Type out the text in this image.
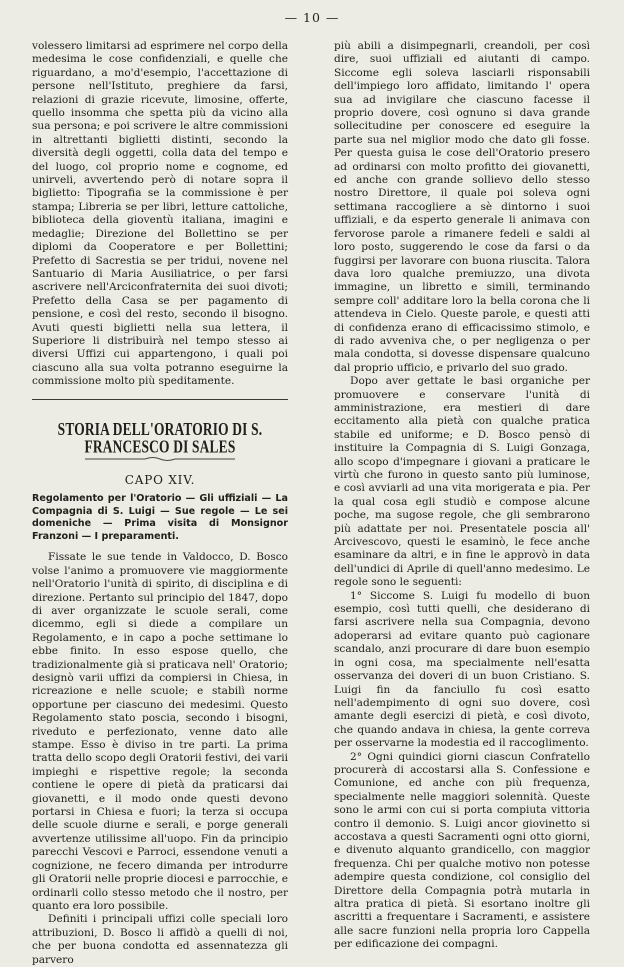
— 10 —

volessero limitarsi ad esprimere nel corpo della medesima le cose confidenziali, e quelle che riguardano, a mo'd'esempio, l'accettazione di persone nell'Istituto, preghiere da farsi, relazioni di grazie ricevute, limosine, offerte, quello insomma che spetta più da vicino alla sua persona; e poi scrivere le altre commissioni in altrettanti biglietti distinti, secondo la diversità degli oggetti, colla data del tempo e del luogo, col proprio nome e cognome, ed unirveli, avvertendo però di notare sopra il biglietto: Tipografia se la commissione è per stampa; Libreria se per libri, letture cattoliche, biblioteca della gioventù italiana, imagini e medaglie; Direzione del Bollettino se per diplomi da Cooperatore e per Bollettini; Prefetto di Sacrestia se per tridui, novene nel Santuario di Maria Ausiliatrice, o per farsi ascrivere nell'Arciconfraternita dei suoi divoti; Prefetto della Casa se per pagamento di pensione, e così del resto, secondo il bisogno. Avuti questi biglietti nella sua lettera, il Superiore li distribuirà nel tempo stesso ai diversi Uffizi cui appartengono, i quali poi ciascuno alla sua volta potranno eseguirne la commissione molto più speditamente.

STORIA DELL'ORATORIO DI S. FRANCESCO DI SALES
CAPO XIV.
Regolamento per l'Oratorio — Gli uffiziali — La Compagnia di S. Luigi — Sue regole — Le sei domeniche — Prima visita di Monsignor Franzoni — I preparamenti.

Fissate le sue tende in Valdocco, D. Bosco volse l'animo a promuovere vie maggiormente nell'Oratorio l'unità di spirito, di disciplina e di direzione. Pertanto sul principio del 1847, dopo di aver organizzate le scuole serali, come dicemmo, egli si diede a compilare un Regolamento, e in capo a poche settimane lo ebbe finito. In esso espose quello, che tradizionalmente già si praticava nell' Oratorio; designò varii uffizi da compiersi in Chiesa, in ricreazione e nelle scuole; e stabilì norme opportune per ciascuno dei medesimi. Questo Regolamento stato poscia, secondo i bisogni, riveduto e perfezionato, venne dato alle stampe. Esso è diviso in tre parti. La prima tratta dello scopo degli Oratorii festivi, dei varii impieghi e rispettive regole; la seconda contiene le opere di pietà da praticarsi dai giovanetti, e il modo onde questi devono portarsi in Chiesa e fuori; la terza si occupa delle scuole diurne e serali, e porge generali avvertenze utilissime all'uopo. Fin da principio parecchi Vescovi e Parroci, essendone venuti a cognizione, ne fecero dimanda per introdurre gli Oratorii nelle proprie diocesi e parrocchie, e ordinarli collo stesso metodo che il nostro, per quanto era loro possibile.

Definiti i principali uffizi colle speciali loro attribuzioni, D. Bosco li affidò a quelli di noi, che per buona condotta ed assennatezza gli parvero

più abili a disimpegnarli, creandoli, per così dire, suoi uffiziali ed aiutanti di campo. Siccome egli soleva lasciarli risponsabili dell'impiego loro affidato, limitando l' opera sua ad invigilare che ciascuno facesse il proprio dovere, così ognuno si dava grande sollecitudine per conoscere ed eseguire la parte sua nel miglior modo che dato gli fosse. Per questa guisa le cose dell'Oratorio presero ad ordinarsi con molto profitto dei giovanetti, ed anche con grande sollievo dello stesso nostro Direttore, il quale poi soleva ogni settimana raccogliere a sè dintorno i suoi uffiziali, e da esperto generale li animava con fervorose parole a rimanere fedeli e saldi al loro posto, suggerendo le cose da farsi o da fuggirsi per lavorare con buona riuscita. Talora dava loro qualche premiuzzo, una divota immagine, un libretto e simili, terminando sempre coll' additare loro la bella corona che li attendeva in Cielo. Queste parole, e questi atti di confidenza erano di efficacissimo stimolo, e di rado avveniva che, o per negligenza o per mala condotta, si dovesse dispensare qualcuno dal proprio ufficio, e privarlo del suo grado.

Dopo aver gettate le basi organiche per promuovere e conservare l'unità di amministrazione, era mestieri di dare eccitamento alla pietà con qualche pratica stabile ed uniforme; e D. Bosco pensò di instituire la Compagnia di S. Luigi Gonzaga, allo scopo d'impegnare i giovani a praticare le virtù che furono in questo santo più luminose, e così avviarli ad una vita morigerata e pia. Per la qual cosa egli studiò e compose alcune poche, ma sugose regole, che gli sembrarono più adattate per noi. Presentatele poscia all' Arcivescovo, questi le esaminò, le fece anche esaminare da altri, e in fine le approvò in data dell'undici di Aprile di quell'anno medesimo. Le regole sono le seguenti:

1° Siccome S. Luigi fu modello di buon esempio, così tutti quelli, che desiderano di farsi ascrivere nella sua Compagnia, devono adoperarsi ad evitare quanto può cagionare scandalo, anzi procurare di dare buon esempio in ogni cosa, ma specialmente nell'esatta osservanza dei doveri di un buon Cristiano. S. Luigi fin da fanciullo fu così esatto nell'adempimento di ogni suo dovere, così amante degli esercizi di pietà, e così divoto, che quando andava in chiesa, la gente correva per osservarne la modestia ed il raccoglimento.

2° Ogni quindici giorni ciascun Confratello procurerà di accostarsi alla S. Confessione e Comunione, ed anche con più frequenza, specialmente nelle maggiori solennità. Queste sono le armi con cui si porta compiuta vittoria contro il demonio. S. Luigi ancor giovinetto si accostava a questi Sacramenti ogni otto giorni, e divenuto alquanto grandicello, con maggior frequenza. Chi per qualche motivo non potesse adempire questa condizione, col consiglio del Direttore della Compagnia potrà mutarla in altra pratica di pietà. Si esortano inoltre gli ascritti a frequentare i Sacramenti, e assistere alle sacre funzioni nella propria loro Cappella per edificazione dei compagni.
